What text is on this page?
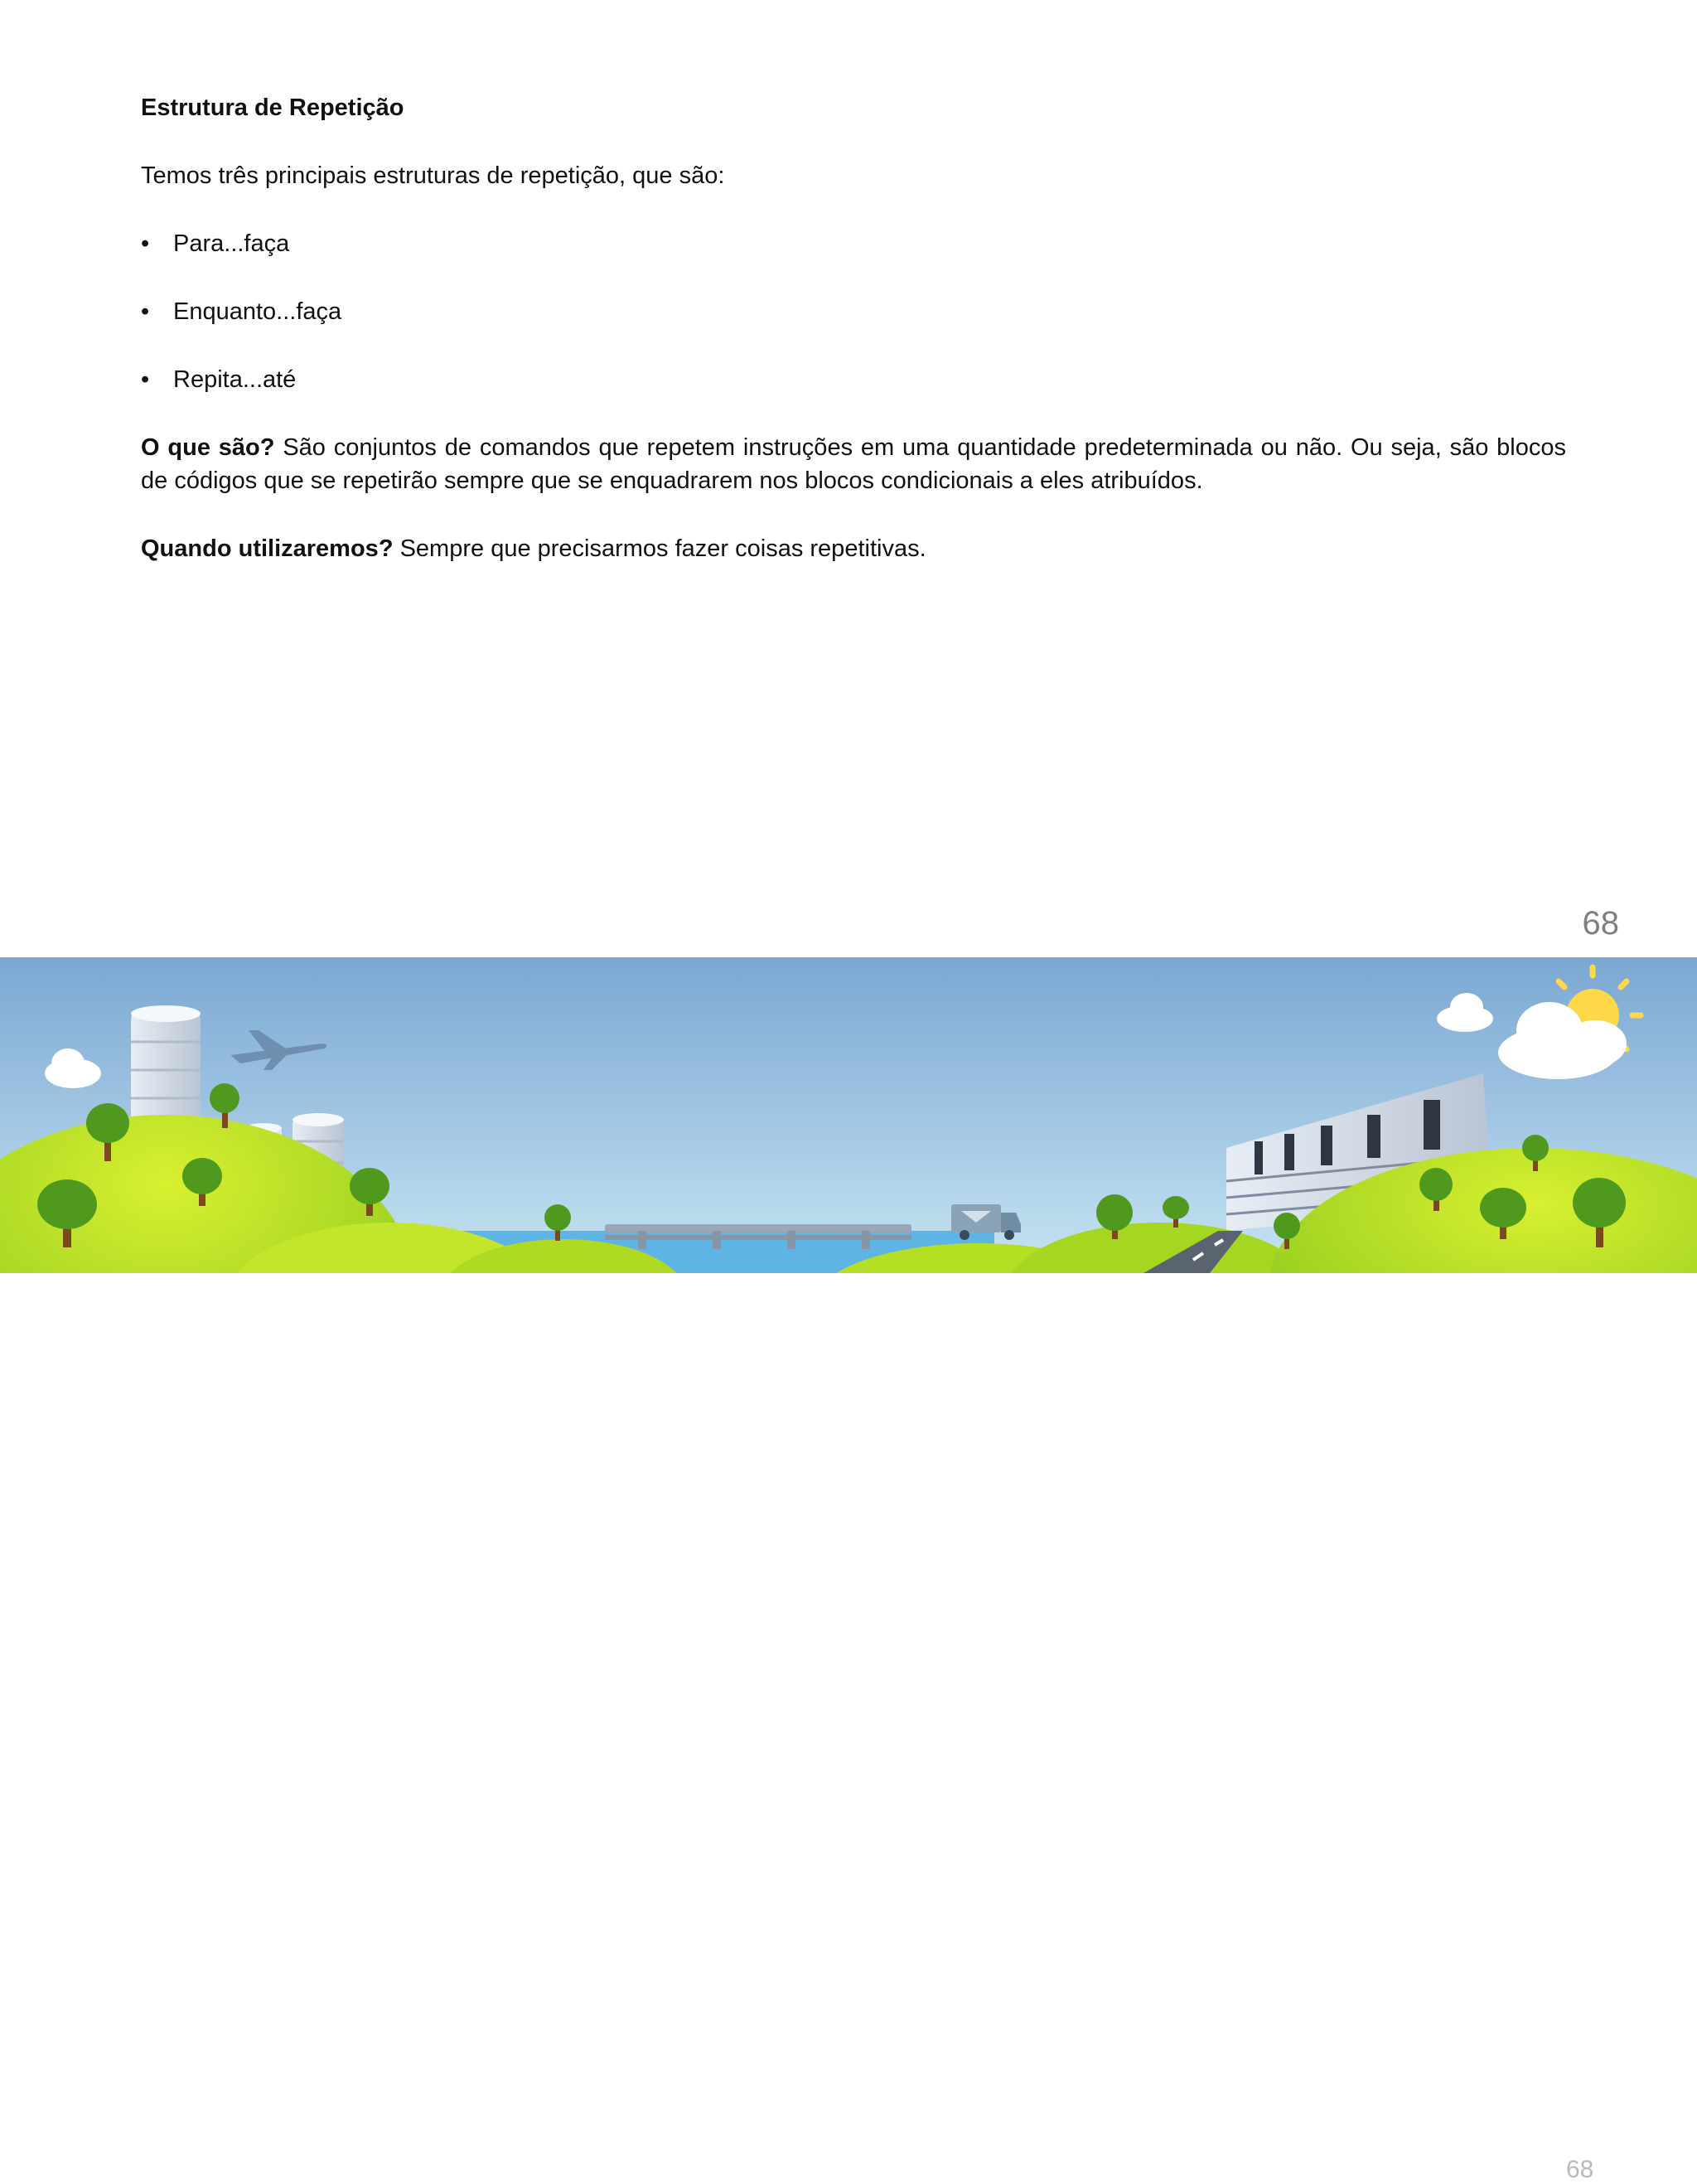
Estrutura de Repetição

Temos três principais estruturas de repetição, que são:

• Para...faça
• Enquanto...faça
• Repita...até

O que são? São conjuntos de comandos que repetem instruções em uma quantidade predeterminada ou não. Ou seja, são blocos de códigos que se repetirão sempre que se enquadrarem nos blocos condicionais a eles atribuídos.

Quando utilizaremos? Sempre que precisarmos fazer coisas repetitivas.

68
68
